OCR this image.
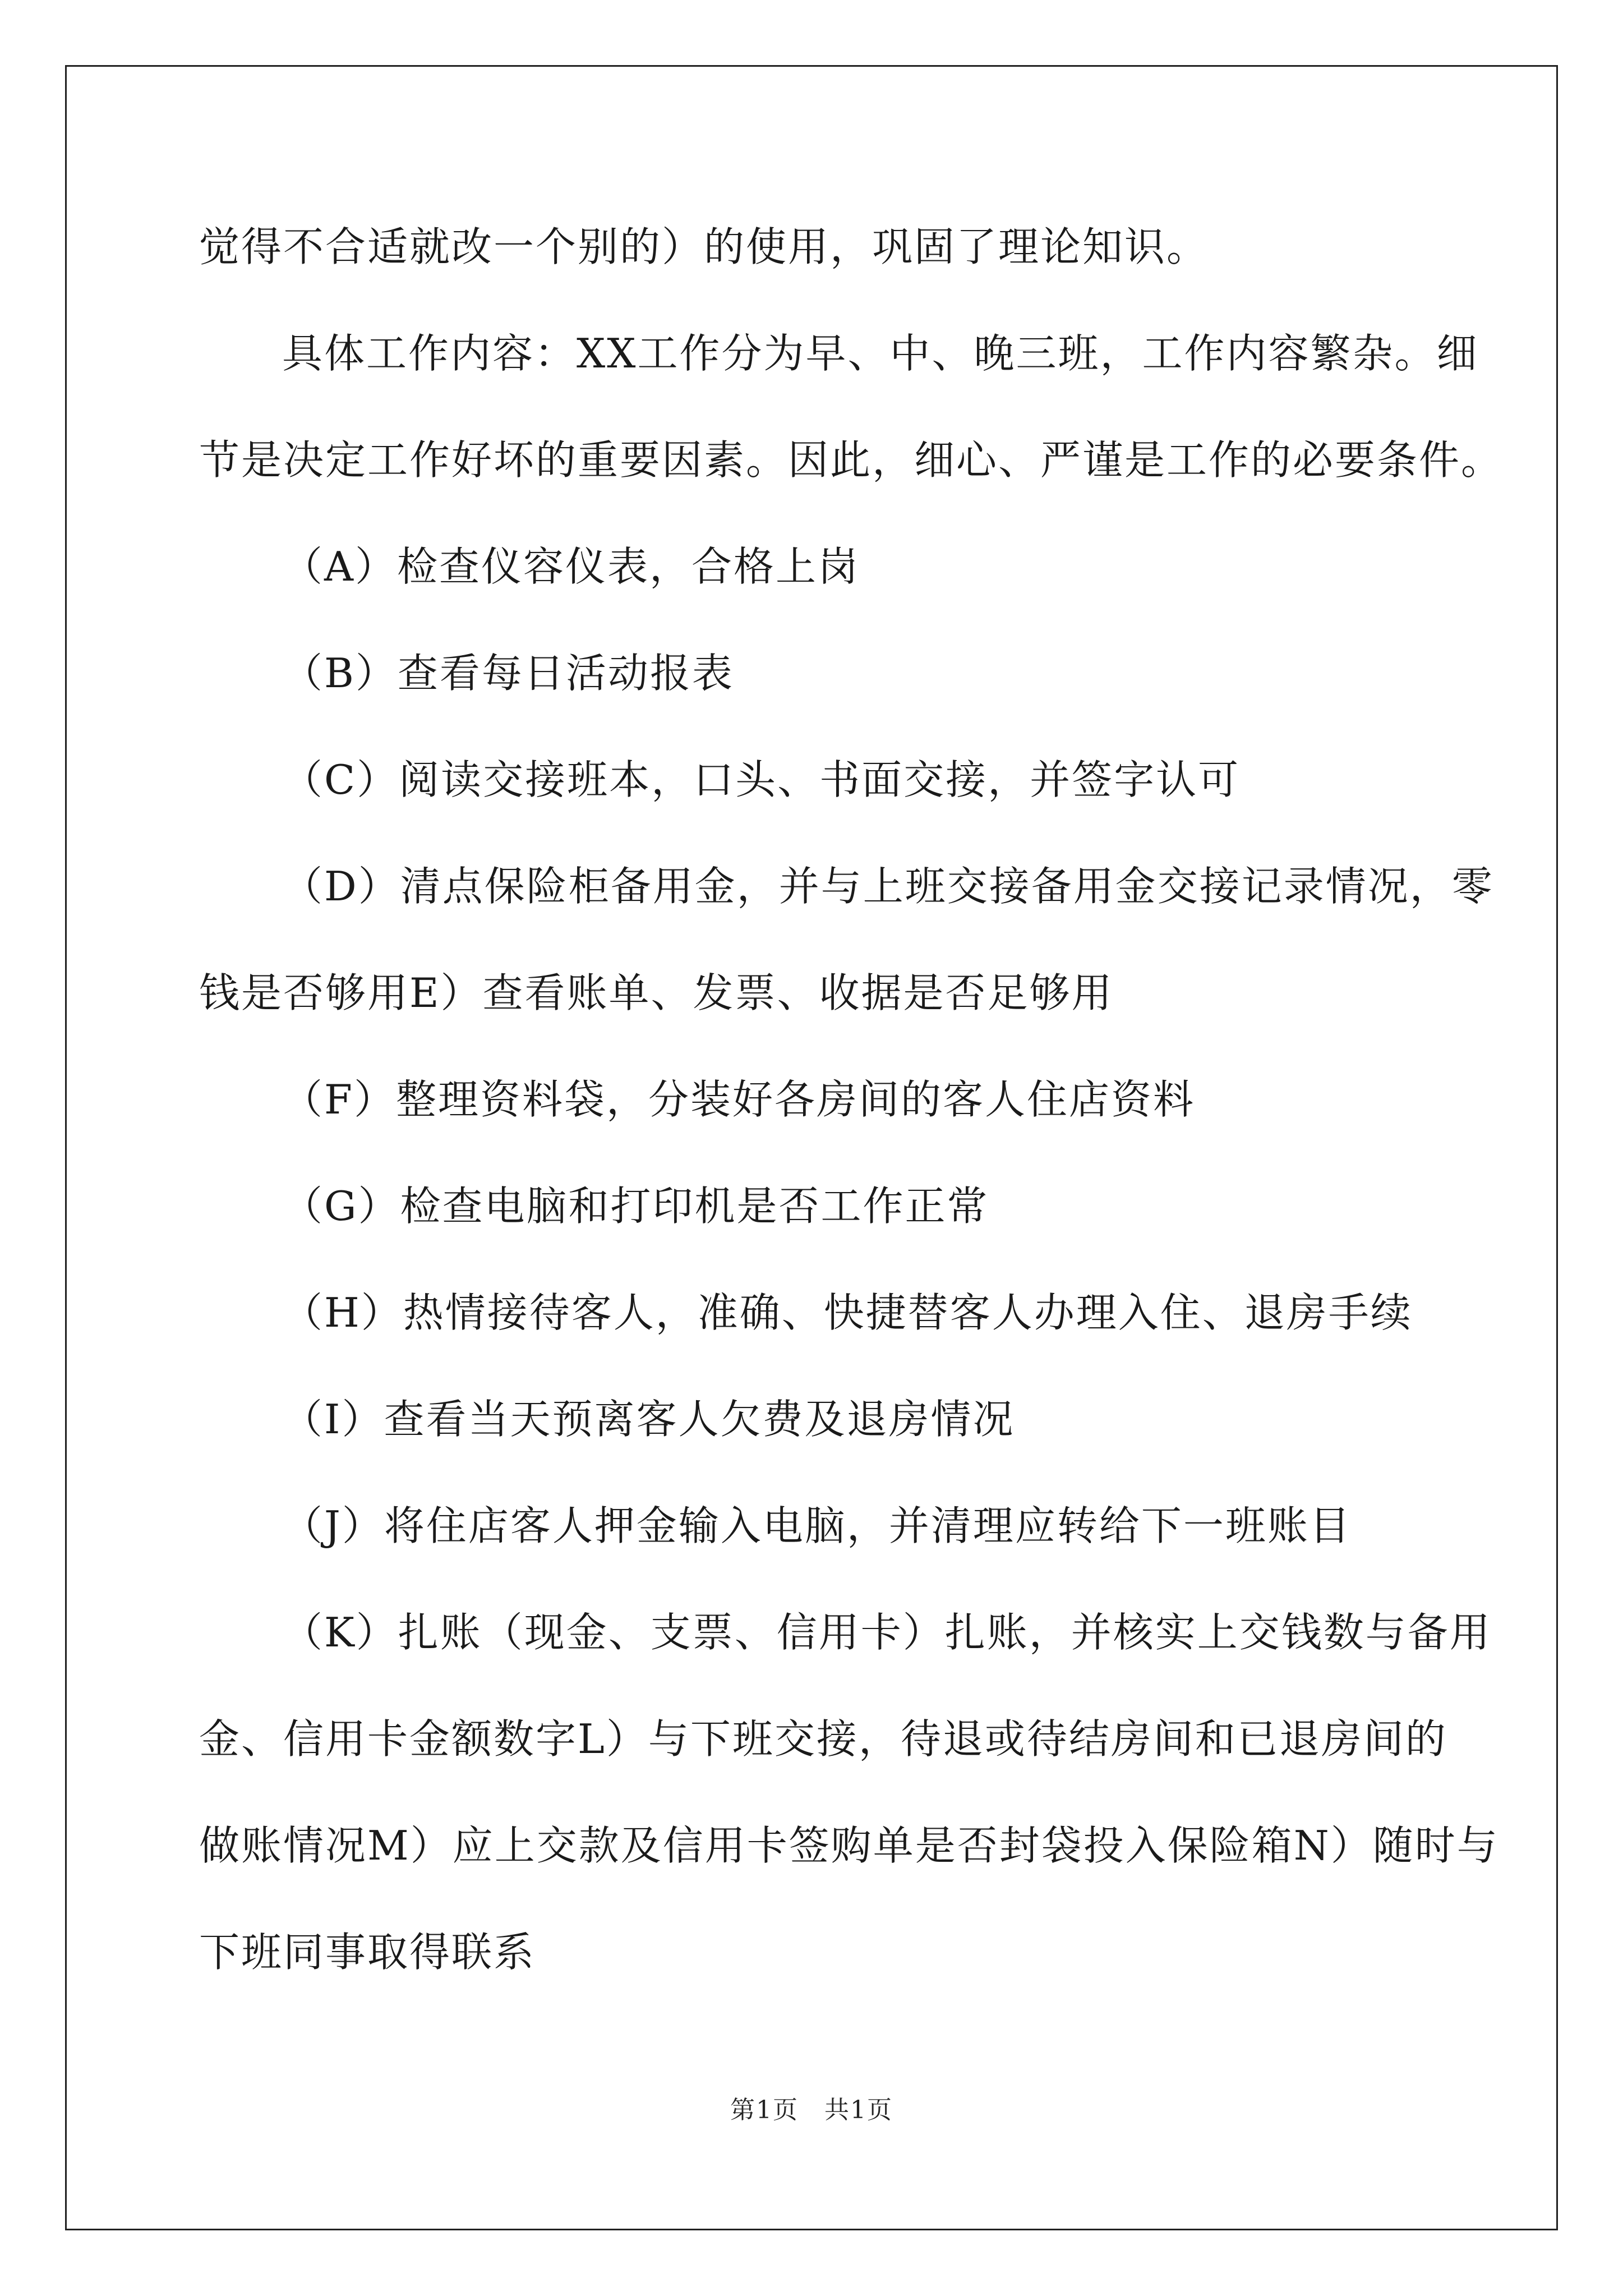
觉得不合适就改一个别的）的使用，巩固了理论知识。
具体工作内容：XX工作分为早、中、晚三班，工作内容繁杂。细
节是决定工作好坏的重要因素。因此，细心、严谨是工作的必要条件。
（A）检查仪容仪表，合格上岗
（B）查看每日活动报表
（C）阅读交接班本，口头、书面交接，并签字认可
（D）清点保险柜备用金，并与上班交接备用金交接记录情况，零
钱是否够用E）查看账单、发票、收据是否足够用
（F）整理资料袋，分装好各房间的客人住店资料
（G）检查电脑和打印机是否工作正常
（H）热情接待客人，准确、快捷替客人办理入住、退房手续
（I）查看当天预离客人欠费及退房情况
（J）将住店客人押金输入电脑，并清理应转给下一班账目
（K）扎账（现金、支票、信用卡）扎账，并核实上交钱数与备用
金、信用卡金额数字L）与下班交接，待退或待结房间和已退房间的
做账情况M）应上交款及信用卡签购单是否封袋投入保险箱N）随时与
下班同事取得联系
第1页　共1页
